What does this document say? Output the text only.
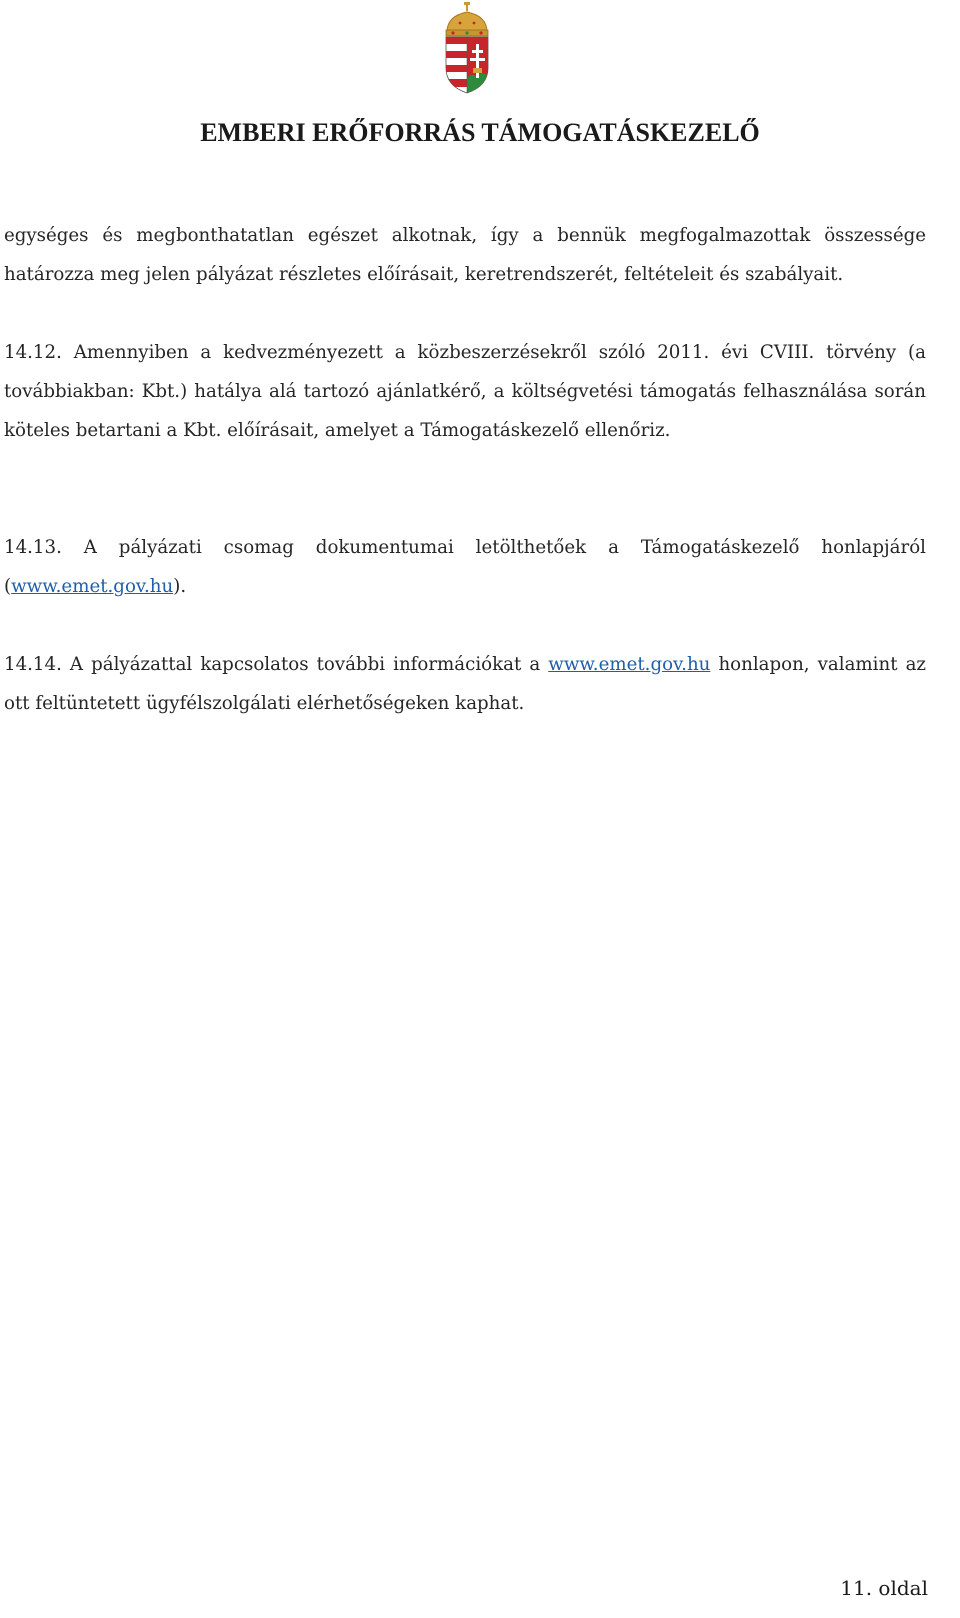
EMBERI ERŐFORRÁS TÁMOGATÁSKEZELŐ

egységes és megbonthatatlan egészet alkotnak, így a bennük megfogalmazottak összessége határozza meg jelen pályázat részletes előírásait, keretrendszerét, feltételeit és szabályait.

14.12. Amennyiben a kedvezményezett a közbeszerzésekről szóló 2011. évi CVIII. törvény (a továbbiakban: Kbt.) hatálya alá tartozó ajánlatkérő, a költségvetési támogatás felhasználása során köteles betartani a Kbt. előírásait, amelyet a Támogatáskezelő ellenőriz.

14.13. A pályázati csomag dokumentumai letölthetőek a Támogatáskezelő honlapjáról (www.emet.gov.hu).

14.14. A pályázattal kapcsolatos további információkat a www.emet.gov.hu honlapon, valamint az ott feltüntetett ügyfélszolgálati elérhetőségeken kaphat.

11. oldal
